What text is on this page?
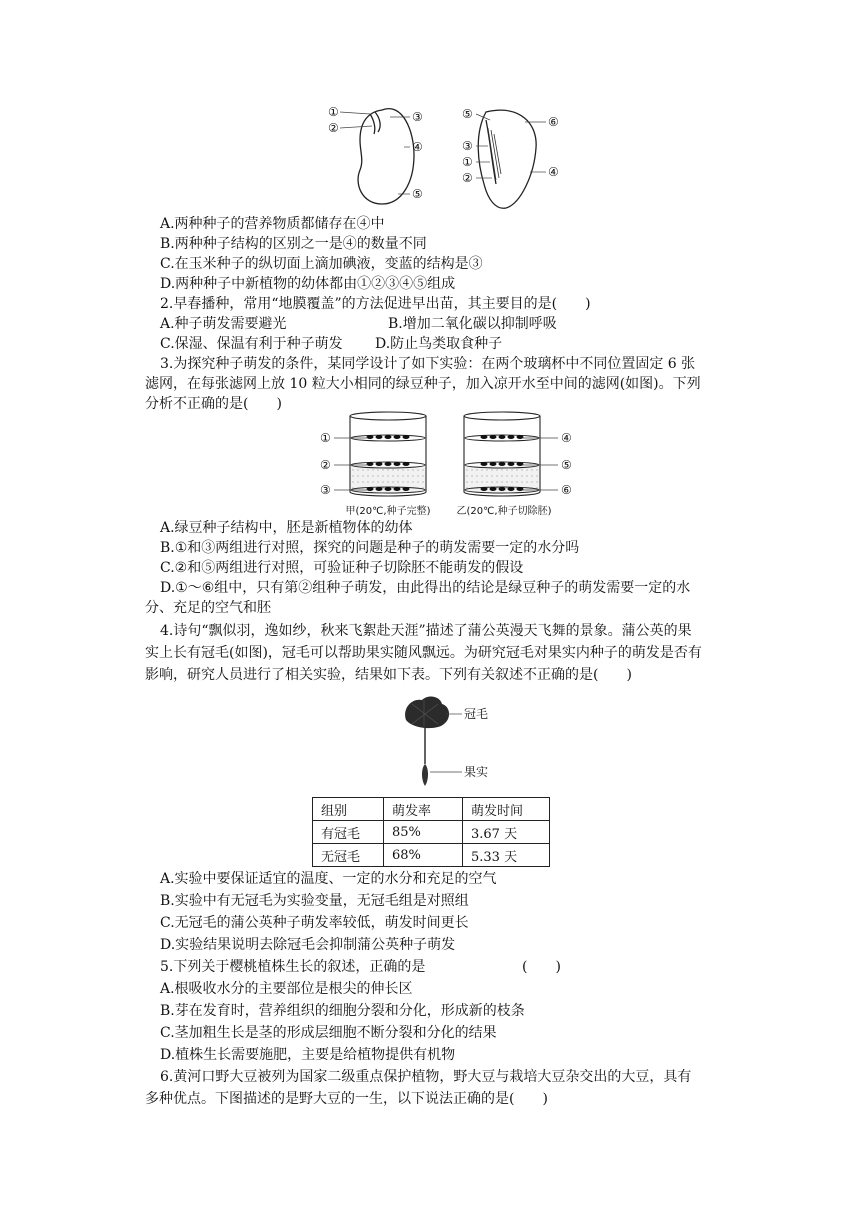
①
②
③
④
⑤
⑤
⑥
③
①
②	④
A.两种种子的营养物质都储存在④中
B.两种种子结构的区别之一是④的数量不同
C.在玉米种子的纵切面上滴加碘液，变蓝的结构是③
D.两种种子中新植物的幼体都由①②③④⑤组成
2.早春播种，常用“地膜覆盖”的方法促进早出苗，其主要目的是(　　)
A.种子萌发需要避光	B.增加二氧化碳以抑制呼吸
C.保湿、保温有利于种子萌发 D.防止鸟类取食种子
3.为探究种子萌发的条件，某同学设计了如下实验：在两个玻璃杯中不同位置固定 6 张
滤网，在每张滤网上放 10 粒大小相同的绿豆种子，加入凉开水至中间的滤网(如图)。下列
分析不正确的是(　　)
①
②
③
④
⑤
⑥
甲(20℃,种子完整)	乙(20℃,种子切除胚)
A.绿豆种子结构中，胚是新植物体的幼体
B.①和③两组进行对照，探究的问题是种子的萌发需要一定的水分吗
C.②和⑤两组进行对照，可验证种子切除胚不能萌发的假设
D.①～⑥组中，只有第②组种子萌发，由此得出的结论是绿豆种子的萌发需要一定的水
分、充足的空气和胚
4.诗句“飘似羽，逸如纱，秋来飞絮赴天涯”描述了蒲公英漫天飞舞的景象。蒲公英的果
实上长有冠毛(如图)，冠毛可以帮助果实随风飘远。为研究冠毛对果实内种子的萌发是否有
影响，研究人员进行了相关实验，结果如下表。下列有关叙述不正确的是(　　)
冠毛
果实
组别	萌发率	萌发时间
有冠毛	85%	3.67 天
无冠毛	68%	5.33 天
A.实验中要保证适宜的温度、一定的水分和充足的空气
B.实验中有无冠毛为实验变量，无冠毛组是对照组
C.无冠毛的蒲公英种子萌发率较低，萌发时间更长
D.实验结果说明去除冠毛会抑制蒲公英种子萌发
5.下列关于樱桃植株生长的叙述，正确的是	(　　)
A.根吸收水分的主要部位是根尖的伸长区
B.芽在发育时，营养组织的细胞分裂和分化，形成新的枝条
C.茎加粗生长是茎的形成层细胞不断分裂和分化的结果
D.植株生长需要施肥，主要是给植物提供有机物
6.黄河口野大豆被列为国家二级重点保护植物，野大豆与栽培大豆杂交出的大豆，具有
多种优点。下图描述的是野大豆的一生，以下说法正确的是(　　)
